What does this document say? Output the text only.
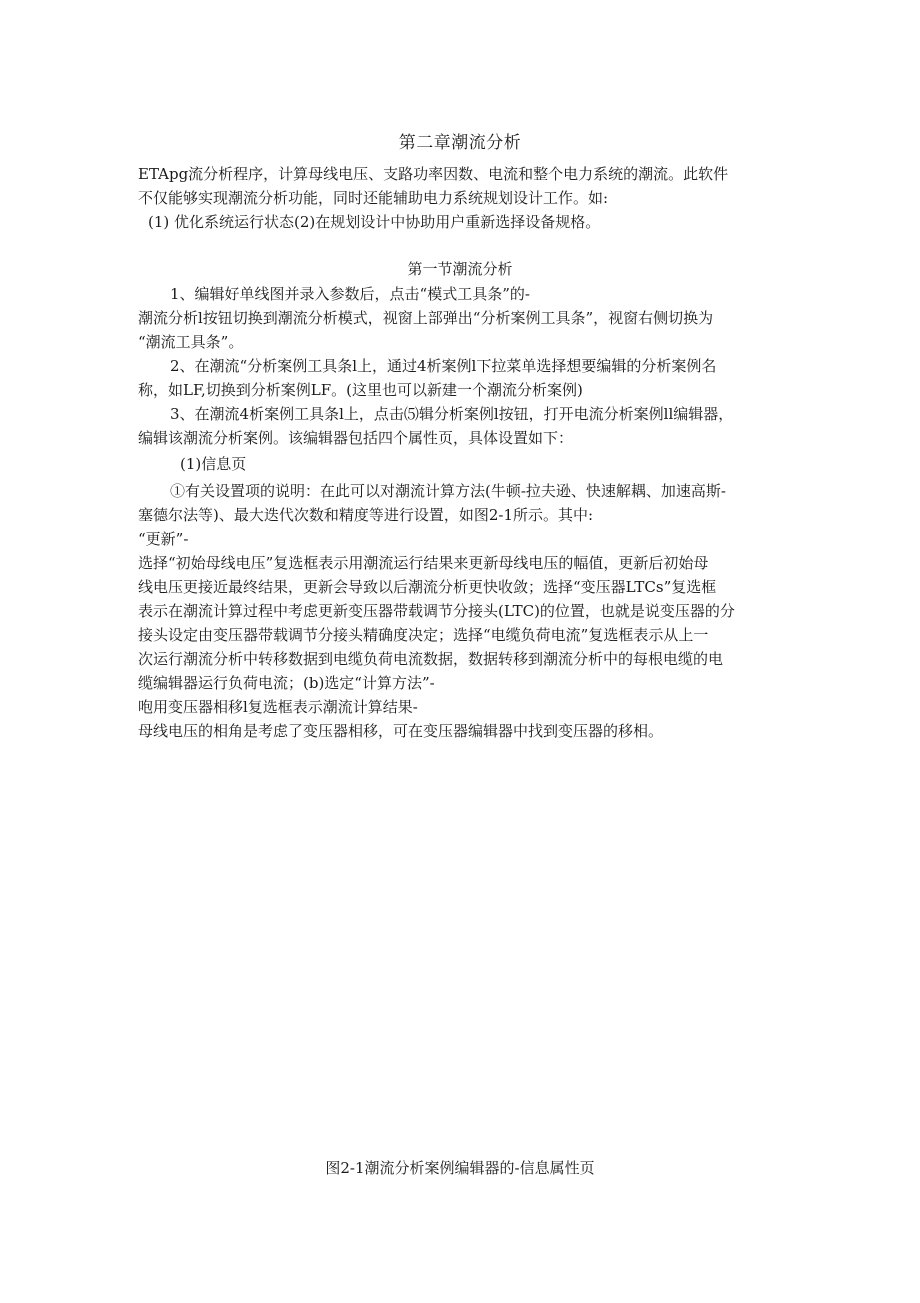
第二章潮流分析
ETApg流分析程序，计算母线电压、支路功率因数、电流和整个电力系统的潮流。此软件
不仅能够实现潮流分析功能，同时还能辅助电力系统规划设计工作。如:
(1) 优化系统运行状态(2)在规划设计中协助用户重新选择设备规格。
第一节潮流分析
1、编辑好单线图并录入参数后，点击“模式工具条”的-
潮流分析l按钮切换到潮流分析模式，视窗上部弹出“分析案例工具条”，视窗右侧切换为
“潮流工具条”。
2、在潮流“分析案例工具条l上，通过4析案例l下拉菜单选择想要编辑的分析案例名
称，如LF,切换到分析案例LF。(这里也可以新建一个潮流分析案例)
3、在潮流4析案例工具条l上，点击⑸辑分析案例l按钮，打开电流分析案例ll编辑器，
编辑该潮流分析案例。该编辑器包括四个属性页，具体设置如下：
(1)信息页
①有关设置项的说明：在此可以对潮流计算方法(牛顿-拉夫逊、快速解耦、加速高斯-
塞德尔法等)、最大迭代次数和精度等进行设置，如图2-1所示。其中:
“更新”-
选择“初始母线电压”复选框表示用潮流运行结果来更新母线电压的幅值，更新后初始母
线电压更接近最终结果，更新会导致以后潮流分析更快收敛；选择“变压器LTCs”复选框
表示在潮流计算过程中考虑更新变压器带载调节分接头(LTC)的位置，也就是说变压器的分
接头设定由变压器带载调节分接头精确度决定；选择“电缆负荷电流”复选框表示从上一
次运行潮流分析中转移数据到电缆负荷电流数据，数据转移到潮流分析中的每根电缆的电
缆编辑器运行负荷电流；(b)选定“计算方法”-
咆用变压器相移l复选框表示潮流计算结果-
母线电压的相角是考虑了变压器相移，可在变压器编辑器中找到变压器的移相。
图2-1潮流分析案例编辑器的-信息属性页
